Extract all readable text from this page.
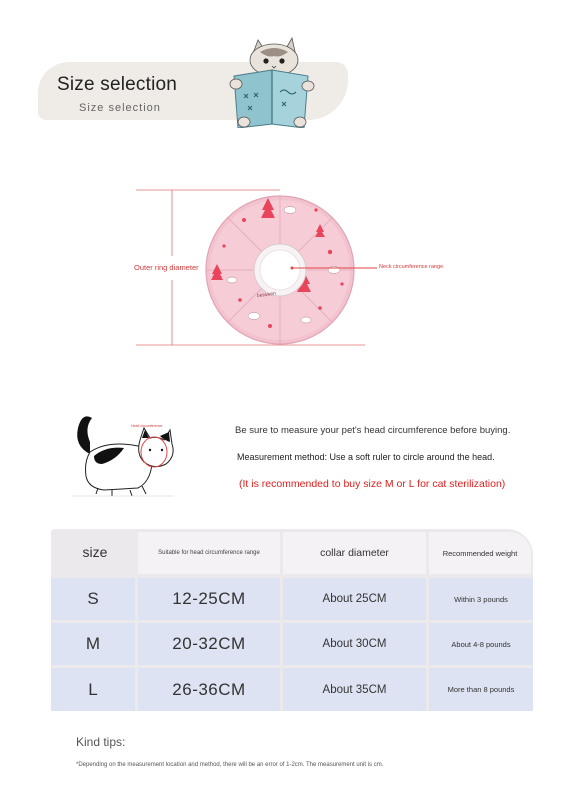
Size selection
Size selection
Outer ring diameter	Neck circumference range
between
Head circumference	Be sure to measure your pet's head circumference before buying.
Measurement method: Use a soft ruler to circle around the head.
(It is recommended to buy size M or L for cat sterilization)
size	Suitable for head circumference range	collar diameter	Recommended weight
S	12-25CM	About 25CM	Within 3 pounds
M	20-32CM	About 30CM	About 4-8 pounds
L	26-36CM	About 35CM	More than 8 pounds
Kind tips:
*Depending on the measurement location and method, there will be an error of 1-2cm. The measurement unit is cm.
